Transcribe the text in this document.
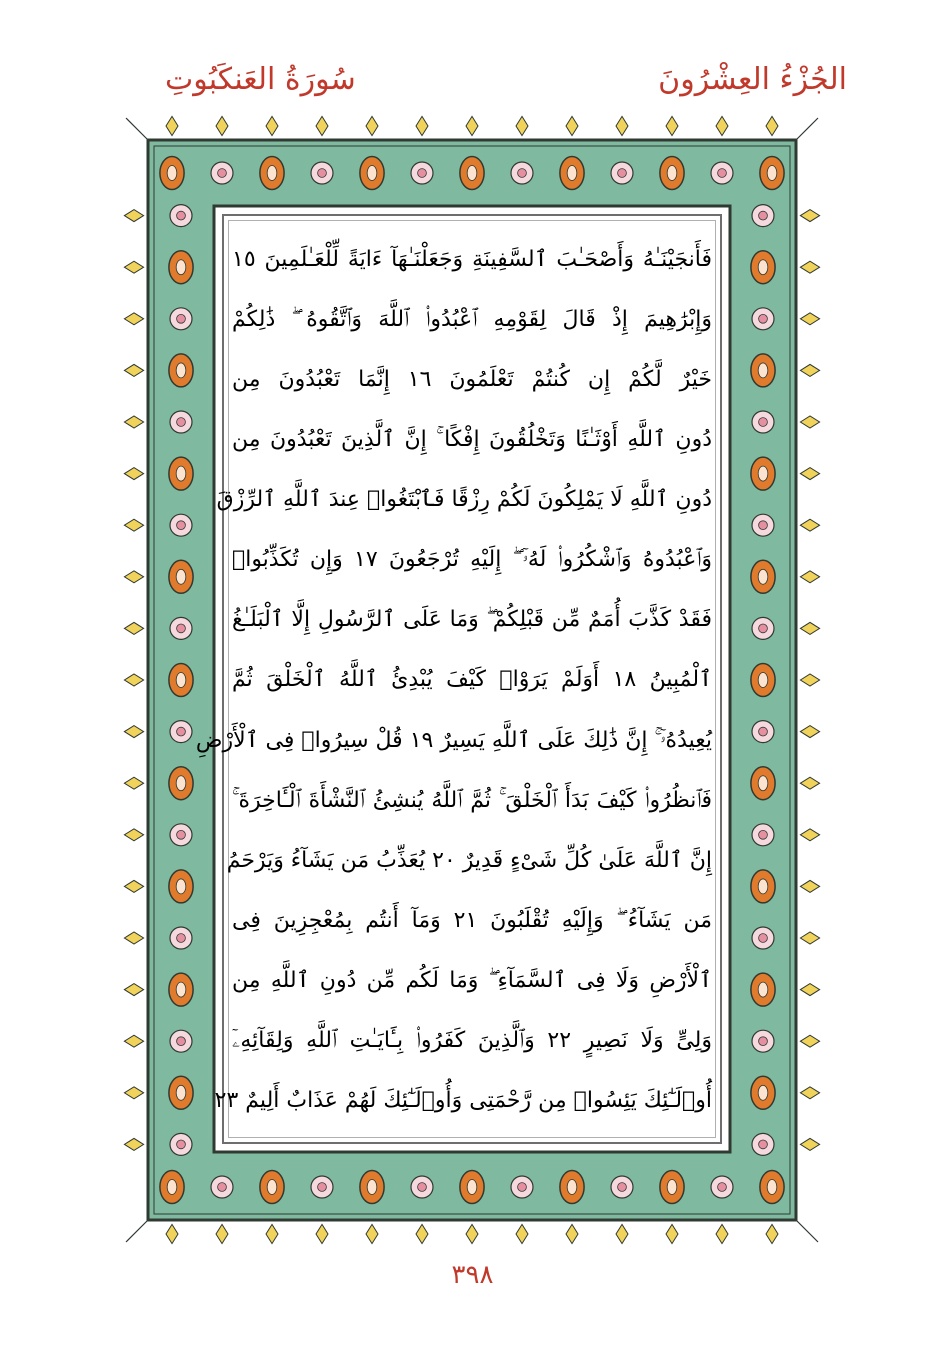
الجُزْءُ العِشْرُونَ
سُورَةُ العَنكَبُوتِ
فَأَنجَيْنَـٰهُ وَأَصْحَـٰبَ ٱلسَّفِينَةِ وَجَعَلْنَـٰهَآ ءَايَةً لِّلْعَـٰلَمِينَ ١٥
وَإِبْرَٰهِيمَ إِذْ قَالَ لِقَوْمِهِ ٱعْبُدُوا۟ ٱللَّهَ وَٱتَّقُوهُ ۖ ذَٰلِكُمْ
خَيْرٌ لَّكُمْ إِن كُنتُمْ تَعْلَمُونَ ١٦ إِنَّمَا تَعْبُدُونَ مِن
دُونِ ٱللَّهِ أَوْثَـٰنًا وَتَخْلُقُونَ إِفْكًا ۚ إِنَّ ٱلَّذِينَ تَعْبُدُونَ مِن
دُونِ ٱللَّهِ لَا يَمْلِكُونَ لَكُمْ رِزْقًا فَٱبْتَغُوا۟ عِندَ ٱللَّهِ ٱلرِّزْقَ
وَٱعْبُدُوهُ وَٱشْكُرُوا۟ لَهُۥٓ ۖ إِلَيْهِ تُرْجَعُونَ ١٧ وَإِن تُكَذِّبُوا۟
فَقَدْ كَذَّبَ أُمَمٌ مِّن قَبْلِكُمْ ۖ وَمَا عَلَى ٱلرَّسُولِ إِلَّا ٱلْبَلَـٰغُ
ٱلْمُبِينُ ١٨ أَوَلَمْ يَرَوْا۟ كَيْفَ يُبْدِئُ ٱللَّهُ ٱلْخَلْقَ ثُمَّ
يُعِيدُهُۥٓ ۚ إِنَّ ذَٰلِكَ عَلَى ٱللَّهِ يَسِيرٌ ١٩ قُلْ سِيرُوا۟ فِى ٱلْأَرْضِ
فَٱنظُرُوا۟ كَيْفَ بَدَأَ ٱلْخَلْقَ ۚ ثُمَّ ٱللَّهُ يُنشِئُ ٱلنَّشْأَةَ ٱلْـَٔاخِرَةَ ۚ
إِنَّ ٱللَّهَ عَلَىٰ كُلِّ شَىْءٍ قَدِيرٌ ٢٠ يُعَذِّبُ مَن يَشَآءُ وَيَرْحَمُ
مَن يَشَآءُ ۖ وَإِلَيْهِ تُقْلَبُونَ ٢١ وَمَآ أَنتُم بِمُعْجِزِينَ فِى
ٱلْأَرْضِ وَلَا فِى ٱلسَّمَآءِ ۖ وَمَا لَكُم مِّن دُونِ ٱللَّهِ مِن
وَلِىٍّ وَلَا نَصِيرٍ ٢٢ وَٱلَّذِينَ كَفَرُوا۟ بِـَٔايَـٰتِ ٱللَّهِ وَلِقَآئِهِۦٓ
أُو۟لَـٰٓئِكَ يَئِسُوا۟ مِن رَّحْمَتِى وَأُو۟لَـٰٓئِكَ لَهُمْ عَذَابٌ أَلِيمٌ ٢٣
٣٩٨
